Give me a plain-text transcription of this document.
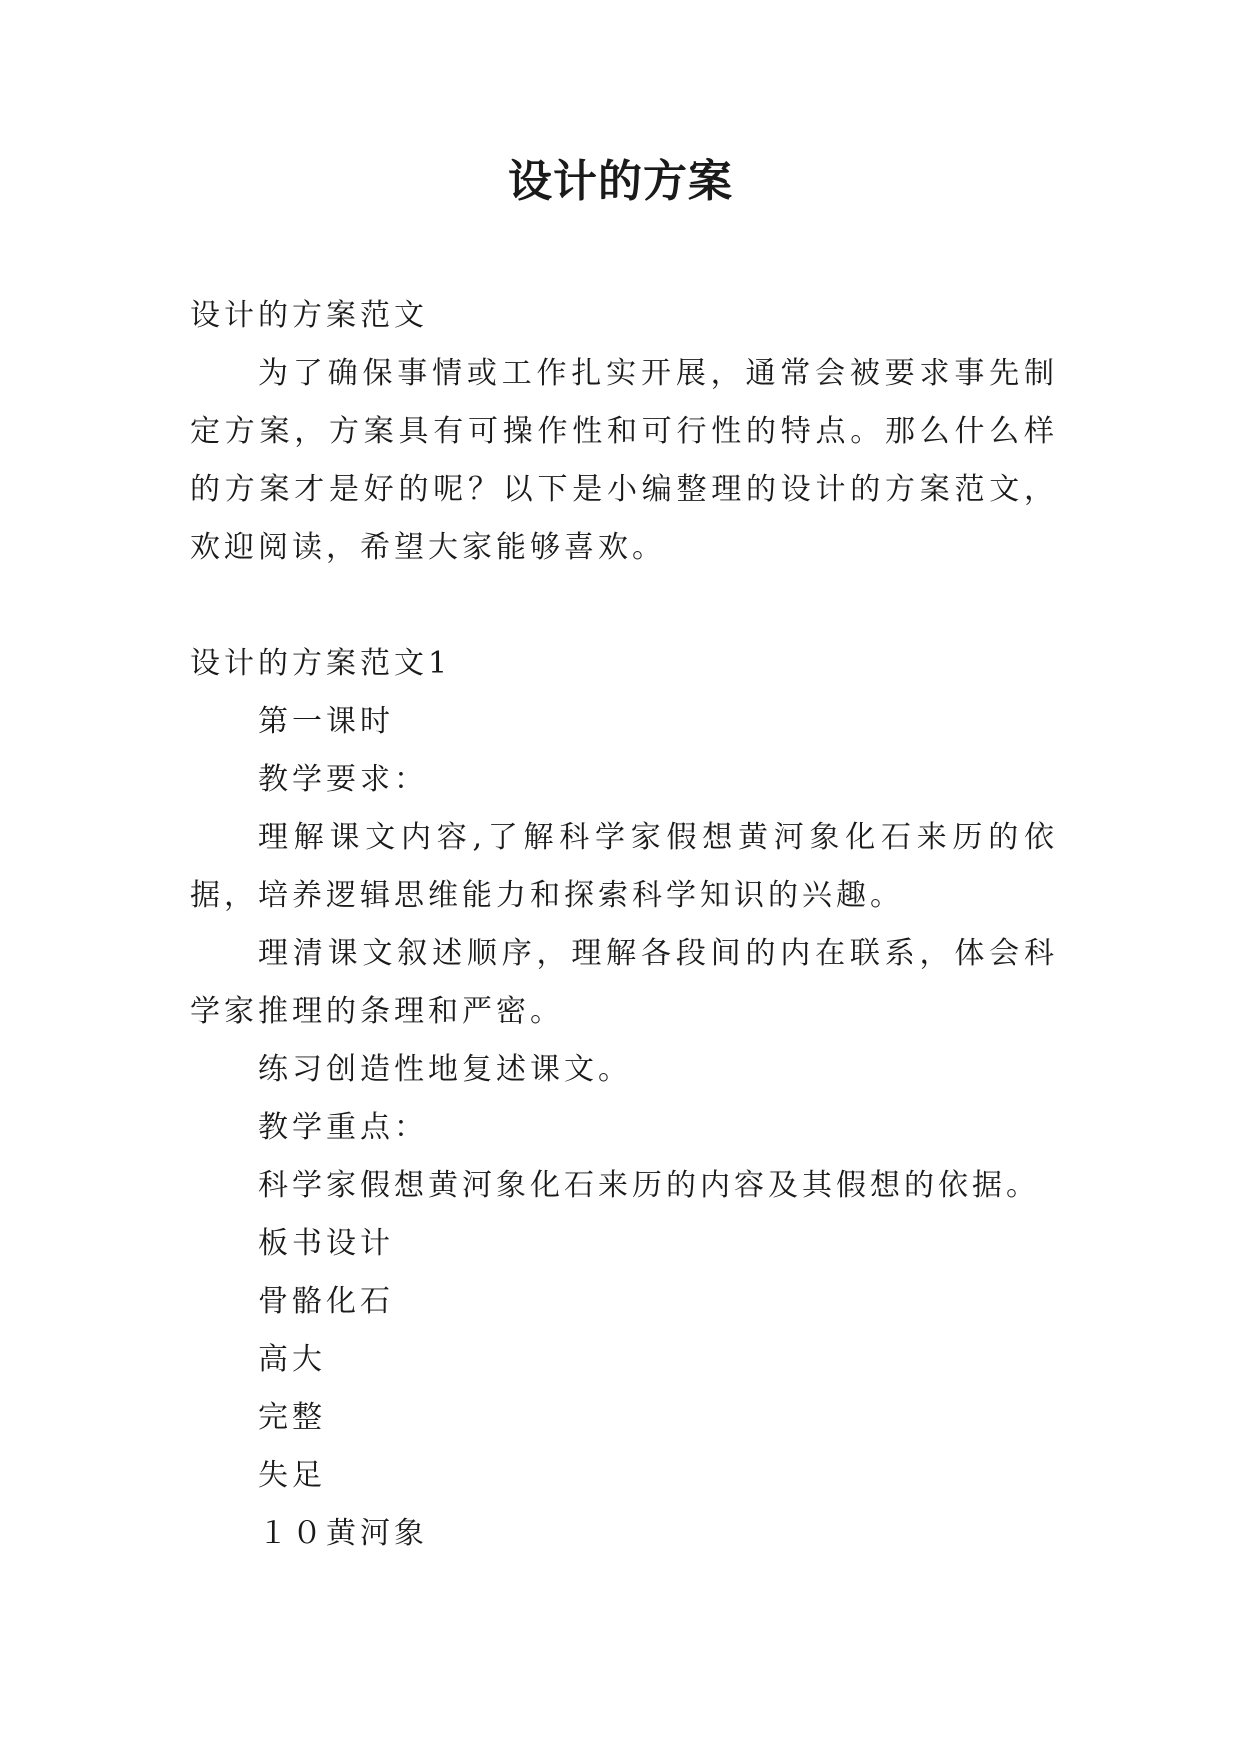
设计的方案

设计的方案范文

为了确保事情或工作扎实开展，通常会被要求事先制定方案，方案具有可操作性和可行性的特点。那么什么样的方案才是好的呢？以下是小编整理的设计的方案范文，欢迎阅读，希望大家能够喜欢。

设计的方案范文1

第一课时

教学要求：

理解课文内容,了解科学家假想黄河象化石来历的依据，培养逻辑思维能力和探索科学知识的兴趣。

理清课文叙述顺序，理解各段间的内在联系，体会科学家推理的条理和严密。

练习创造性地复述课文。

教学重点：

科学家假想黄河象化石来历的内容及其假想的依据。

板书设计

骨骼化石

高大

完整

失足

１０黄河象
